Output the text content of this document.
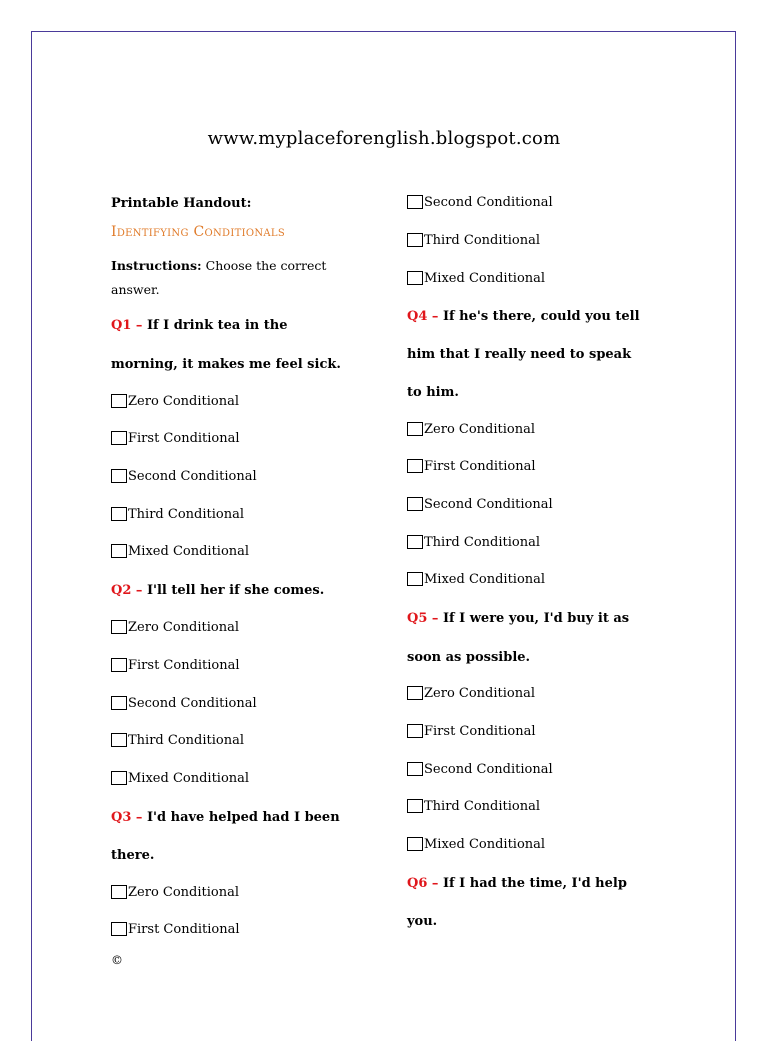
www.myplaceforenglish.blogspot.com
Printable Handout:
Identifying Conditionals
Instructions: Choose the correct answer.
Q1 – If I drink tea in the
morning, it makes me feel sick.
Zero Conditional
First Conditional
Second Conditional
Third Conditional
Mixed Conditional
Q2 – I'll tell her if she comes.
Zero Conditional
First Conditional
Second Conditional
Third Conditional
Mixed Conditional
Q3 – I'd have helped had I been
there.
Zero Conditional
First Conditional
©
Second Conditional
Third Conditional
Mixed Conditional
Q4 – If he's there, could you tell
him that I really need to speak
to him.
Zero Conditional
First Conditional
Second Conditional
Third Conditional
Mixed Conditional
Q5 – If I were you, I'd buy it as
soon as possible.
Zero Conditional
First Conditional
Second Conditional
Third Conditional
Mixed Conditional
Q6 – If I had the time, I'd help
you.
